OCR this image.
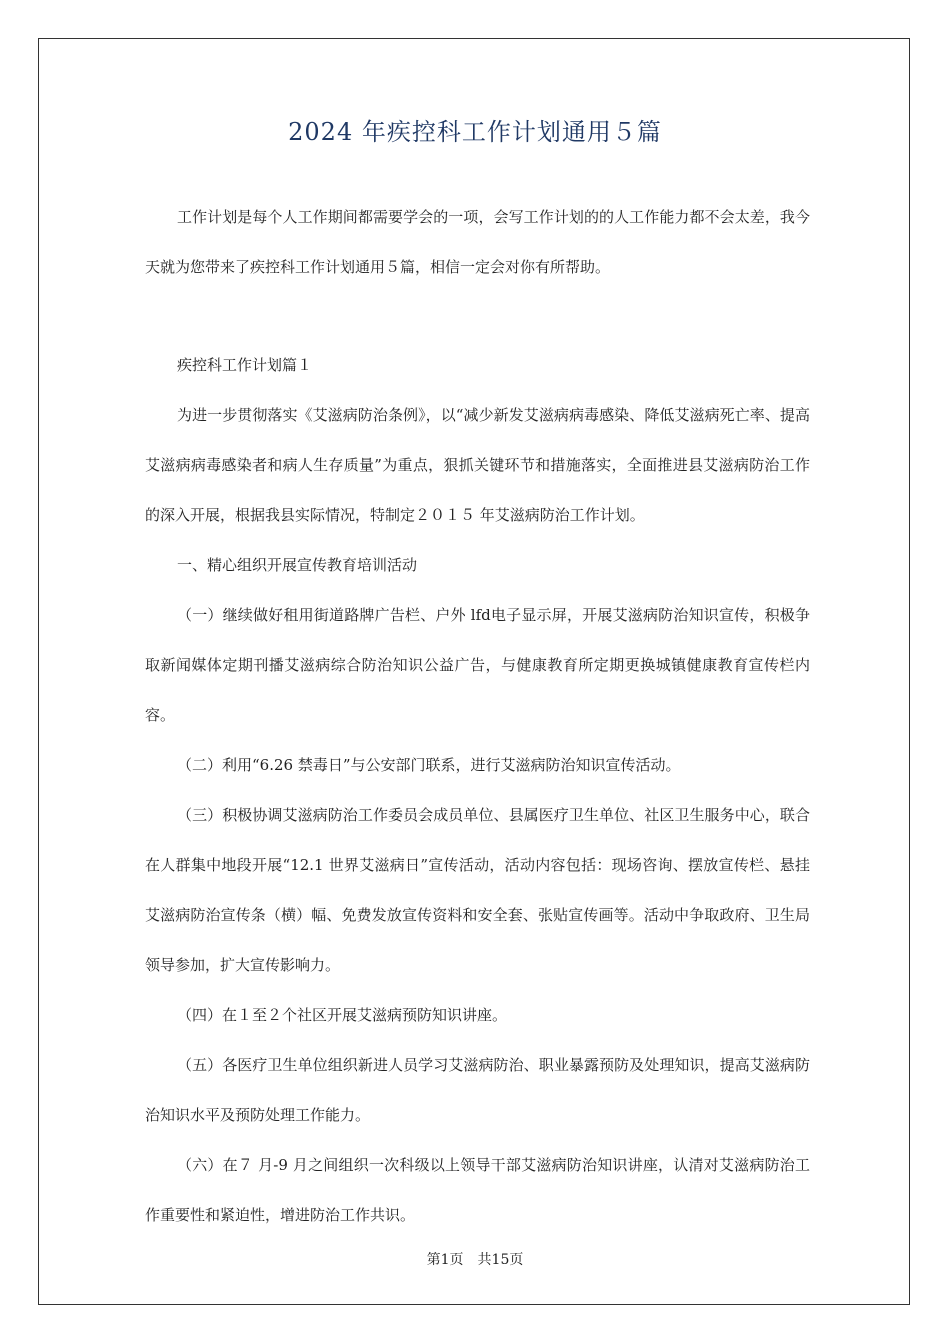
2024 年疾控科工作计划通用５篇

工作计划是每个人工作期间都需要学会的一项，会写工作计划的的人工作能力都不会太差，我今天就为您带来了疾控科工作计划通用５篇，相信一定会对你有所帮助。

疾控科工作计划篇１

为进一步贯彻落实《艾滋病防治条例》，以“减少新发艾滋病病毒感染、降低艾滋病死亡率、提高艾滋病病毒感染者和病人生存质量”为重点，狠抓关键环节和措施落实，全面推进县艾滋病防治工作的深入开展，根据我县实际情况，特制定２０１５ 年艾滋病防治工作计划。

一、精心组织开展宣传教育培训活动

（一）继续做好租用街道路牌广告栏、户外 lfd电子显示屏，开展艾滋病防治知识宣传，积极争取新闻媒体定期刊播艾滋病综合防治知识公益广告，与健康教育所定期更换城镇健康教育宣传栏内容。

（二）利用“6.26 禁毒日”与公安部门联系，进行艾滋病防治知识宣传活动。

（三）积极协调艾滋病防治工作委员会成员单位、县属医疗卫生单位、社区卫生服务中心，联合在人群集中地段开展“12.1 世界艾滋病日”宣传活动，活动内容包括：现场咨询、摆放宣传栏、悬挂艾滋病防治宣传条（横）幅、免费发放宣传资料和安全套、张贴宣传画等。活动中争取政府、卫生局领导参加，扩大宣传影响力。

（四）在１至２个社区开展艾滋病预防知识讲座。

（五）各医疗卫生单位组织新进人员学习艾滋病防治、职业暴露预防及处理知识，提高艾滋病防治知识水平及预防处理工作能力。

（六）在７ 月-9 月之间组织一次科级以上领导干部艾滋病防治知识讲座，认清对艾滋病防治工作重要性和紧迫性，增进防治工作共识。

第1页　共15页
